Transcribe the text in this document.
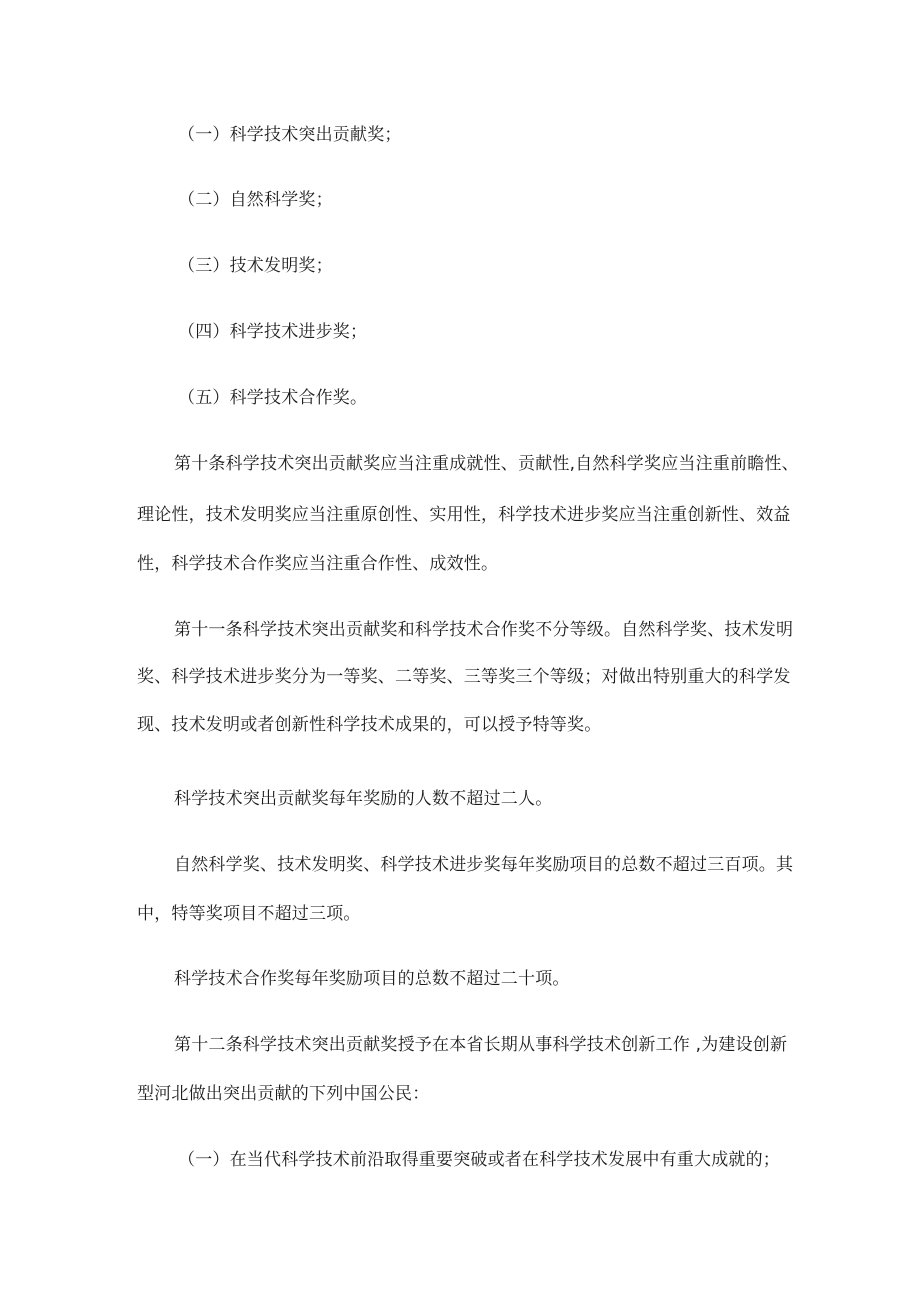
（一）科学技术突出贡献奖；
（二）自然科学奖；
（三）技术发明奖；
（四）科学技术进步奖；
（五）科学技术合作奖。
第十条科学技术突出贡献奖应当注重成就性、贡献性,自然科学奖应当注重前瞻性、
理论性，技术发明奖应当注重原创性、实用性，科学技术进步奖应当注重创新性、效益
性，科学技术合作奖应当注重合作性、成效性。
第十一条科学技术突出贡献奖和科学技术合作奖不分等级。自然科学奖、技术发明
奖、科学技术进步奖分为一等奖、二等奖、三等奖三个等级；对做出特别重大的科学发
现、技术发明或者创新性科学技术成果的，可以授予特等奖。
科学技术突出贡献奖每年奖励的人数不超过二人。
自然科学奖、技术发明奖、科学技术进步奖每年奖励项目的总数不超过三百项。其
中，特等奖项目不超过三项。
科学技术合作奖每年奖励项目的总数不超过二十项。
第十二条科学技术突出贡献奖授予在本省长期从事科学技术创新工作 ,为建设创新
型河北做出突出贡献的下列中国公民：
（一）在当代科学技术前沿取得重要突破或者在科学技术发展中有重大成就的；
